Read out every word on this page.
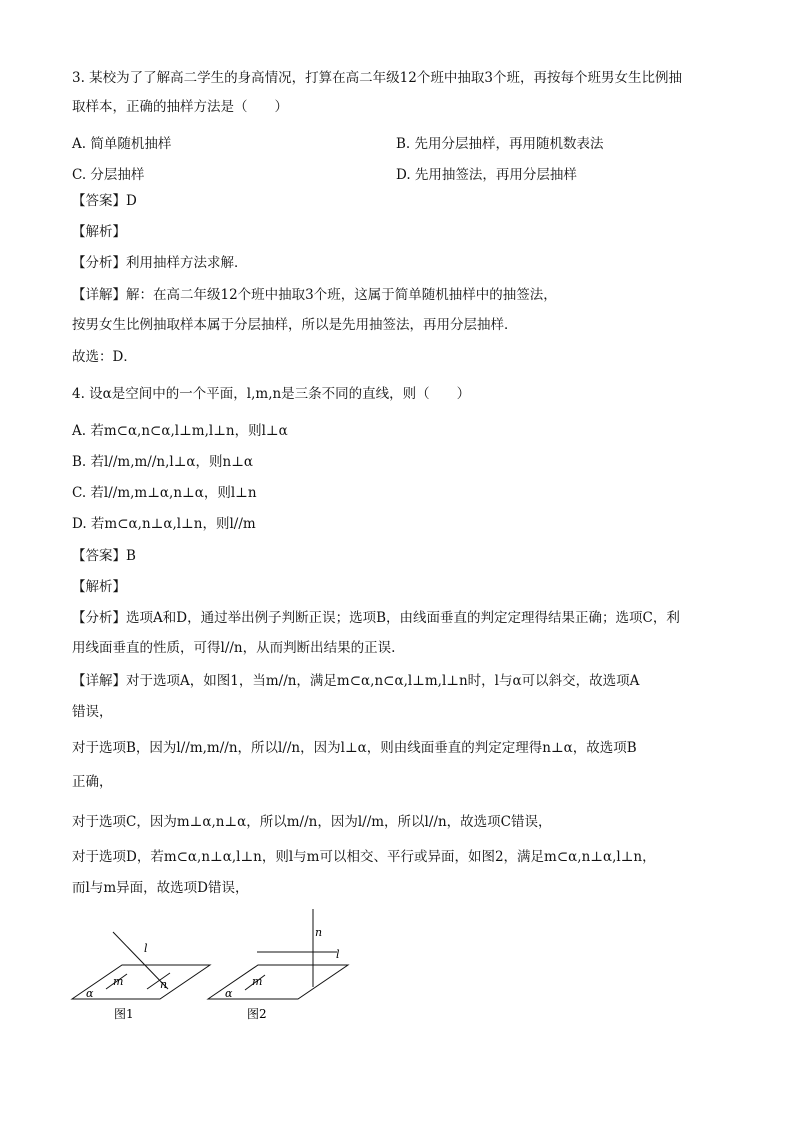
3. 某校为了了解高二学生的身高情况，打算在高二年级12个班中抽取3个班，再按每个班男女生比例抽
取样本，正确的抽样方法是（　　）
A. 简单随机抽样	B. 先用分层抽样，再用随机数表法
C. 分层抽样	D. 先用抽签法，再用分层抽样
【答案】D
【解析】
【分析】利用抽样方法求解．
【详解】解：在高二年级12个班中抽取3个班，这属于简单随机抽样中的抽签法，
按男女生比例抽取样本属于分层抽样，所以是先用抽签法，再用分层抽样．
故选：D．
4. 设α是空间中的一个平面，l,m,n是三条不同的直线，则（　　）
A. 若m⊂α,n⊂α,l⊥m,l⊥n，则l⊥α
B. 若l//m,m//n,l⊥α，则n⊥α
C. 若l//m,m⊥α,n⊥α，则l⊥n
D. 若m⊂α,n⊥α,l⊥n，则l//m
【答案】B
【解析】
【分析】选项A和D，通过举出例子判断正误；选项B，由线面垂直的判定定理得结果正确；选项C，利
用线面垂直的性质，可得l//n，从而判断出结果的正误.
【详解】对于选项A，如图1，当m//n，满足m⊂α,n⊂α,l⊥m,l⊥n时，l与α可以斜交，故选项A
错误，
对于选项B，因为l//m,m//n，所以l//n，因为l⊥α，则由线面垂直的判定定理得n⊥α，故选项B
正确，
对于选项C，因为m⊥α,n⊥α，所以m//n，因为l//m，所以l//n，故选项C错误，
对于选项D，若m⊂α,n⊥α,l⊥n，则l与m可以相交、平行或异面，如图2，满足m⊂α,n⊥α,l⊥n，
而l与m异面，故选项D错误，
l
m	n
α
图1
n
l
m
α
图2
